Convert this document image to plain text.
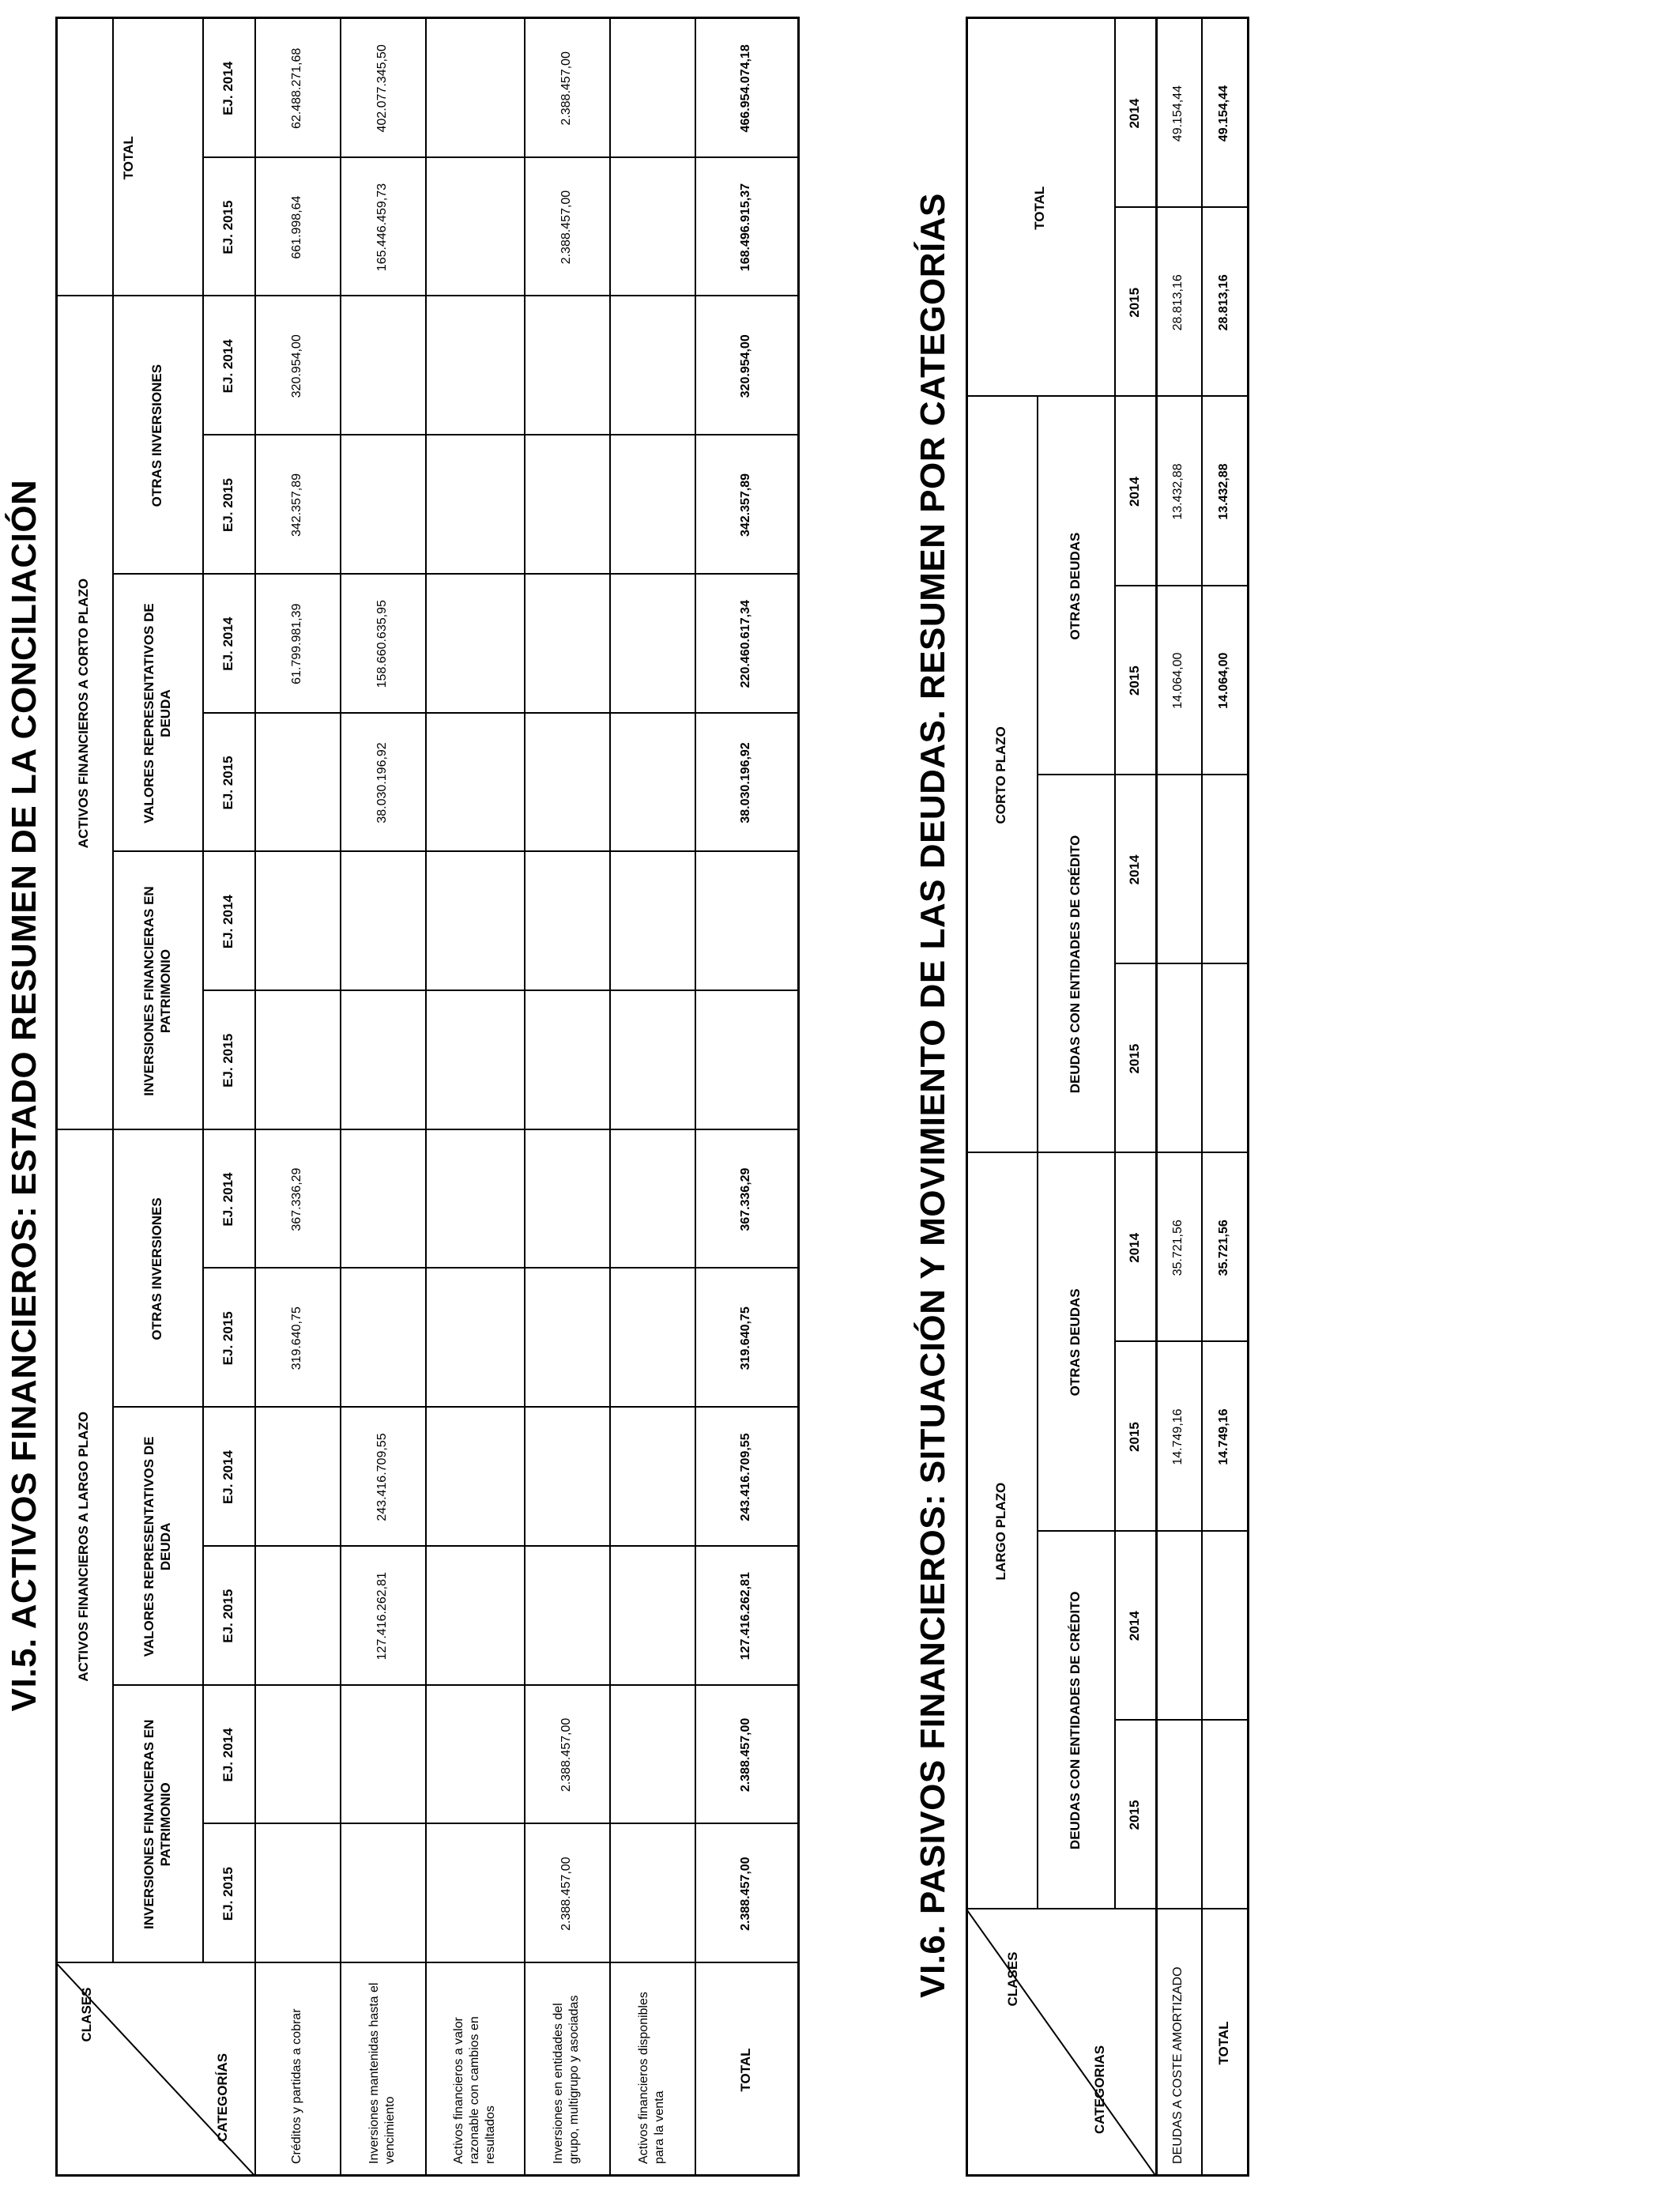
VI.5. ACTIVOS FINANCIEROS: ESTADO RESUMEN DE LA CONCILIACIÓN
CLASES
CATEGORÍAS
ACTIVOS FINANCIEROS A LARGO PLAZO
ACTIVOS FINANCIEROS A CORTO PLAZO
TOTAL
INVERSIONES FINANCIERAS EN PATRIMONIO
VALORES REPRESENTATIVOS DE DEUDA
OTRAS INVERSIONES
INVERSIONES FINANCIERAS EN PATRIMONIO
VALORES REPRESENTATIVOS DE DEUDA
OTRAS INVERSIONES
EJ. 2015
EJ. 2014
EJ. 2015
EJ. 2014
EJ. 2015
EJ. 2014
EJ. 2015
EJ. 2014
EJ. 2015
EJ. 2014
EJ. 2015
EJ. 2014
EJ. 2015
EJ. 2014
Créditos y partidas a cobrar
319.640,75
367.336,29
61.799.981,39
342.357,89
320.954,00
661.998,64
62.488.271,68
Inversiones mantenidas hasta el vencimiento
127.416.262,81
243.416.709,55
38.030.196,92
158.660.635,95
165.446.459,73
402.077.345,50
Activos financieros a valor razonable con cambios en resultados	Inversiones en entidades del grupo, multigrupo y asociadas
2.388.457,00
2.388.457,00
2.388.457,00
2.388.457,00
Activos financieros disponibles para la venta
TOTAL
2.388.457,00
2.388.457,00
127.416.262,81
243.416.709,55
319.640,75
367.336,29
38.030.196,92
220.460.617,34
342.357,89
320.954,00
168.496.915,37
466.954.074,18
VI.6. PASIVOS FINANCIEROS: SITUACIÓN Y MOVIMIENTO DE LAS DEUDAS. RESUMEN POR CATEGORÍAS	CLASES
CATEGORIAS
LARGO PLAZO
CORTO PLAZO
TOTAL
DEUDAS CON ENTIDADES DE CRÉDITO
OTRAS DEUDAS
DEUDAS CON ENTIDADES DE CRÉDITO
OTRAS DEUDAS
2015
2014
2015
2014
2015
2014
2015
2014
2015
2014
DEUDAS A COSTE AMORTIZADO
14.749,16
35.721,56
14.064,00
13.432,88
28.813,16
49.154,44
TOTAL
14.749,16
35.721,56
14.064,00
13.432,88
28.813,16
49.154,44
